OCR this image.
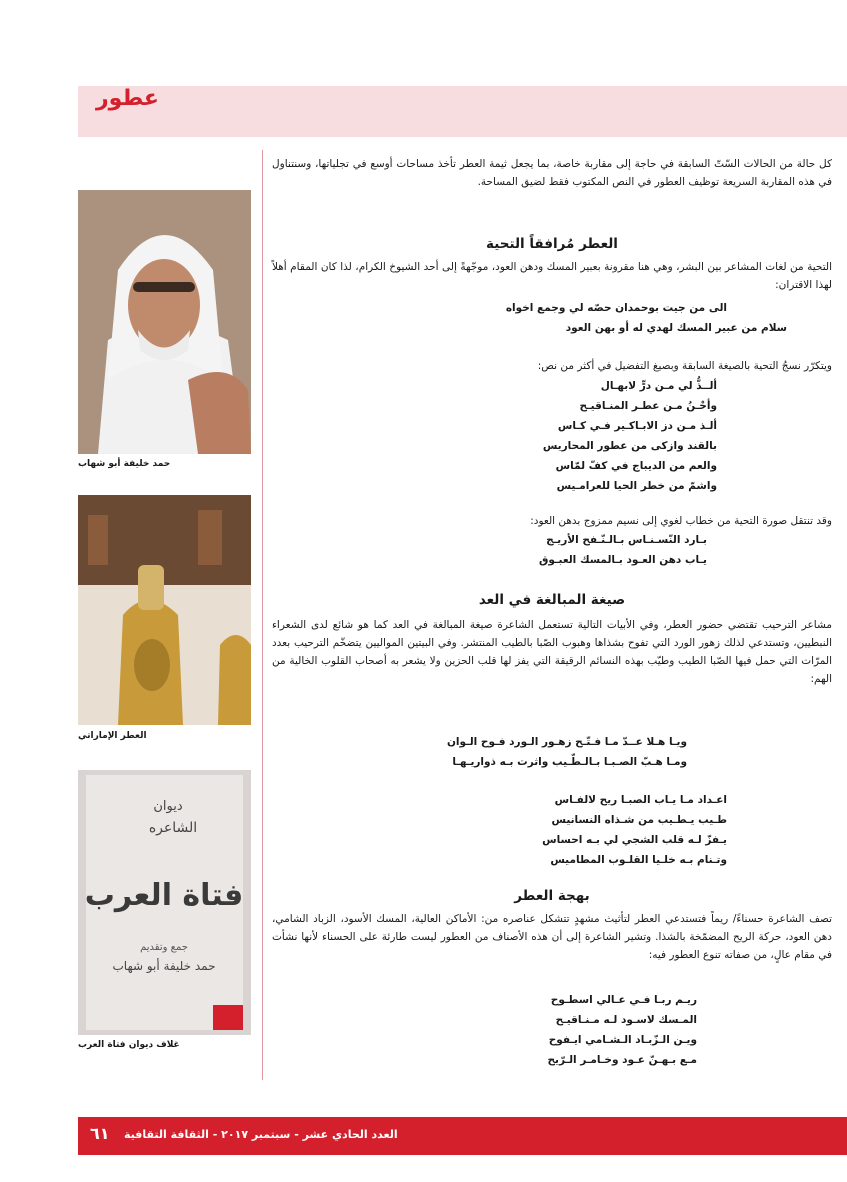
عطور
حمد خليفة أبو شهاب
العطر الإماراتي
ديوان
الشاعره
فتاة العرب
جمع وتقديم
حمد خليفة أبو شهاب
غلاف ديوان فتاة العرب

كل حالة من الحالات السّتّ السابقة في حاجة إلى مقاربة خاصة، بما يجعل ثيمة العطر تأخذ مساحات أوسع في تجلياتها، وسنتناول في هذه المقاربة السريعة توظيف العطور في النص المكتوب فقط لضيق المساحة.

العطر مُرافقاً التحية

التحية من لغات المشاعر بين البشر، وهي هنا مقرونة بعبير المسك ودهن العود، موجّهةً إلى أحد الشيوخ الكرام، لذا كان المقام أهلاً لهذا الاقتران:

الى من جيت بوحمدان حصّه لي وجمع اخواه
سلام من عبير المسك لهدي له أو بهن العود

ويتكرّر نسجُ التحية بالصيغة السابقة وبصيغ التفضيل في أكثر من نص:

ألــذُّ لي مـن درٍّ لابهـال
وأحْـنُ مـن عطـر المنـاقيـح
ألـذ مـن دز الابـاكـير فـي كـاس
بالقند وازكى من عطور المحاريس
والعم من الديباج في كفّ لمّاس
واشمّ من خطر الحيا للعرامـيس

وقد تنتقل صورة التحية من خطاب لغوي إلى نسيم ممزوج بدهن العود:

بـارد النّسـنـاس بـالـنّـفح الأريـج
يـاب دهن العـود بـالمسك العبـوق
صيغة المبالغة في العد

مشاعر الترحيب تقتضي حضور العطر، وفي الأبيات التالية تستعمل الشاعرة صيغة المبالغة في العد كما هو شائع لدى الشعراء النبطيين، وتستدعي لذلك زهور الورد التي تفوح بشذاها وهبوب الصّبا بالطيب المنتشر. وفي البيتين المواليين يتضخّم الترحيب بعدد المرّات التي حمل فيها الصّبا الطيب وطيّب بهذه النسائم الرقيقة التي يفز لها قلب الحزين ولا يشعر به أصحاب القلوب الخالية من الهم:

ويـا هـلا عــدّ مـا فـتّـح زهـور الـورد فـوح الـوان
ومـا هـبّ الصـبـا بـالـطّـيب واثرت بـه ذواريـهـا
اعـداد مـا يـاب الصبـا ريح لالفـاس
طـيب يـطـيب من شـذاه النسانيس
يـفزّ لـه قلب الشجي لي بـه احساس
وتـنام بـه خلـيا القلـوب المطاميس
بهجة العطر

تصف الشاعرة حسناءً/ ريماً فتستدعي العطر لتأثيث مشهدٍ تتشكل عناصره من: الأماكن العالية، المسك الأسود، الزباد الشامي، دهن العود، حركة الريح المضمّخة بالشذا. وتشير الشاعرة إلى أن هذه الأصناف من العطور ليست طارئة على الحسناء لأنها نشأت في مقام عالٍ، من صفاته تنوع العطور فيه:

ريـم ربـا فـي عـالي اسطـوح
المـسك لاسـود لـه مـنـاقيـح
ويـن الـزّبـاد الـشـامي ايـفوح
مـع بـهـنّ عـود وخـامـر الـرّيح
العدد الحادي عشر - سبتمبر ٢٠١٧ - الثقافة التقافية
٦١
